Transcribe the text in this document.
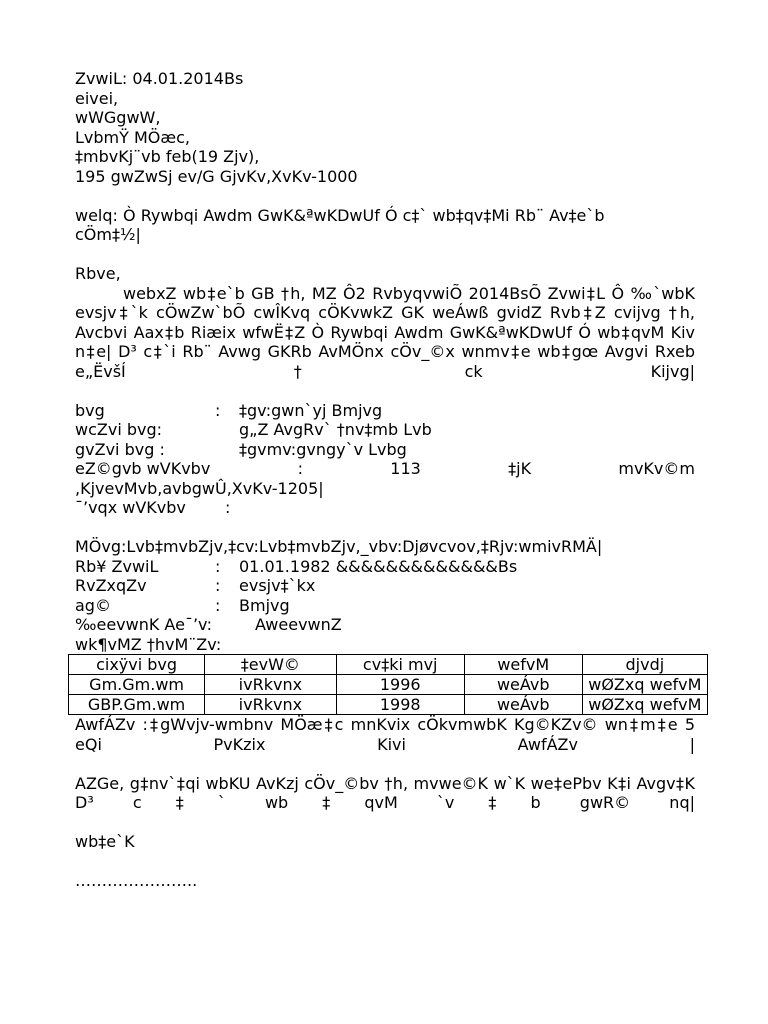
ZvwiL: 04.01.2014Bs
eivei,
wWGgwW,
LvbmŸ MÖæc,
‡mbvKj¨vb feb(19 Zjv),
195 gwZwSj ev/G GjvKv,XvKv-1000
welq: Ò Rywbqi Awdm GwK&ªwKDwUf Ó c‡` wb‡qv‡Mi Rb¨ Av‡e`b
cÖm‡½|
Rbve,
webxZ wb‡e`b GB †h, MZ Ô2 RvbyqvwiÕ 2014BsÕ Zvwi‡L Ô ‰`wbK evsjv‡`k cÖwZw`bÕ cwÎKvq cÖKvwkZ GK weÁwß gvidZ Rvb‡Z cvijvg †h, Avcbvi Aax‡b Riæix wfwË‡Z Ò Rywbqi Awdm GwK&ªwKDwUf Ó wb‡qvM Kiv n‡e| D³ c‡`i Rb¨ Avwg GKRb AvMÖnx cÖv_©x wnmv‡e wb‡gœ Avgvi Rxeb e„ËvšÍ †ck Kijvg|
bvg	:	‡gv:gwn`yj Bmjvg
wcZvi bvg:	g„Z AvgRv` †nv‡mb Lvb
gvZvi bvg :	‡gvmv:gvngy`v Lvbg
eZ©gvb wVKvbv	:	113	‡jK	mvKv©m
,KjvevMvb,avbgwÛ,XvKv-1205|
¯’vqx wVKvbv	:
MÖvg:Lvb‡mvbZjv,‡cv:Lvb‡mvbZjv,_vbv:Djøvcvov,‡Rjv:wmivRMÄ|
Rb¥ ZvwiL	:	01.01.1982 &&&&&&&&&&&&&Bs
RvZxqZv	:	evsjv‡`kx
ag©	:	Bmjvg
‰eevwnK Ae¯’v:	AweevwnZ
wk¶vMZ †hvM¨Zv:
cixÿvi bvg	‡evW©	cv‡ki mvj	wefvM	djvdj
Gm.Gm.wm	ivRkvnx	1996	weÁvb	wØZxq wefvM
GBP.Gm.wm	ivRkvnx	1998	weÁvb	wØZxq wefvM
AwfÁZv :‡gWvjv-wmbnv MÖæ‡c mnKvix cÖkvmwbK Kg©KZv© wn‡m‡e 5 eQi PvKzix Kivi AwfÁZv |
AZGe, g‡nv`‡qi wbKU AvKzj cÖv_©bv †h, mvwe©K w`K we‡ePbv K‡i Avgv‡K D³ c‡` wb‡qvM `v‡b gwR© nq|
wb‡e`K
…………………..
